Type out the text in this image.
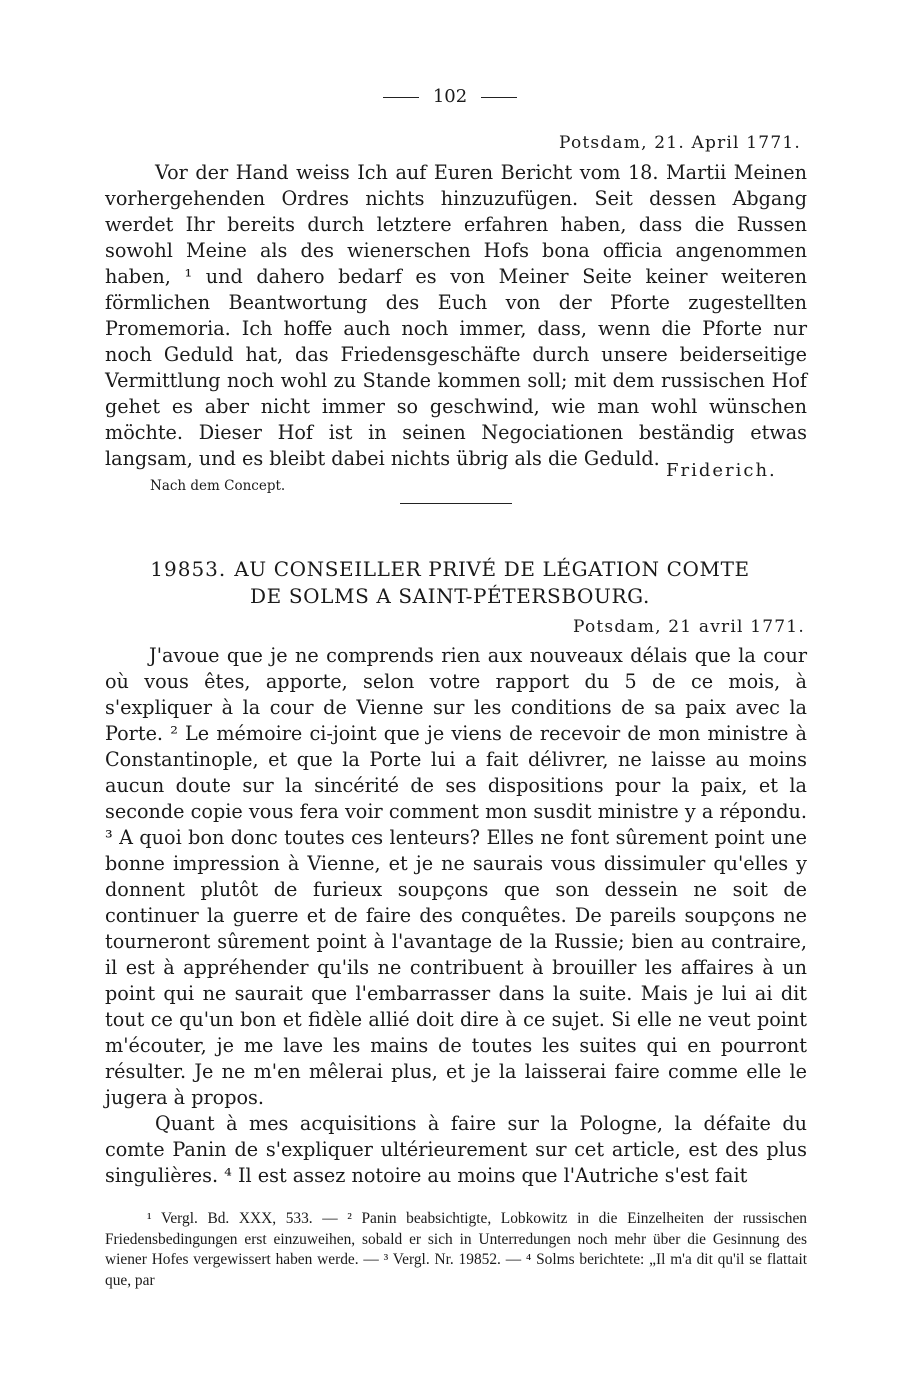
102
Potsdam, 21. April 1771.

Vor der Hand weiss Ich auf Euren Bericht vom 18. Martii Meinen vorhergehenden Ordres nichts hinzuzufügen. Seit dessen Abgang werdet Ihr bereits durch letztere erfahren haben, dass die Russen sowohl Meine als des wienerschen Hofs bona officia angenommen haben, ¹ und dahero bedarf es von Meiner Seite keiner weiteren förmlichen Beantwortung des Euch von der Pforte zugestellten Promemoria. Ich hoffe auch noch immer, dass, wenn die Pforte nur noch Geduld hat, das Friedensgeschäfte durch unsere beiderseitige Vermittlung noch wohl zu Stande kommen soll; mit dem russischen Hof gehet es aber nicht immer so geschwind, wie man wohl wünschen möchte. Dieser Hof ist in seinen Negociationen beständig etwas langsam, und es bleibt dabei nichts übrig als die Geduld.

Friderich.
Nach dem Concept.
19853. AU CONSEILLER PRIVÉ DE LÉGATION COMTE
DE SOLMS A SAINT-PÉTERSBOURG.
Potsdam, 21 avril 1771.

J'avoue que je ne comprends rien aux nouveaux délais que la cour où vous êtes, apporte, selon votre rapport du 5 de ce mois, à s'expliquer à la cour de Vienne sur les conditions de sa paix avec la Porte. ² Le mémoire ci-joint que je viens de recevoir de mon ministre à Constantinople, et que la Porte lui a fait délivrer, ne laisse au moins aucun doute sur la sincérité de ses dispositions pour la paix, et la seconde copie vous fera voir comment mon susdit ministre y a répondu. ³ A quoi bon donc toutes ces lenteurs? Elles ne font sûrement point une bonne impression à Vienne, et je ne saurais vous dissimuler qu'elles y donnent plutôt de furieux soupçons que son dessein ne soit de continuer la guerre et de faire des conquêtes. De pareils soupçons ne tourneront sûrement point à l'avantage de la Russie; bien au contraire, il est à appréhender qu'ils ne contribuent à brouiller les affaires à un point qui ne saurait que l'embarrasser dans la suite. Mais je lui ai dit tout ce qu'un bon et fidèle allié doit dire à ce sujet. Si elle ne veut point m'écouter, je me lave les mains de toutes les suites qui en pourront résulter. Je ne m'en mêlerai plus, et je la laisserai faire comme elle le jugera à propos.

Quant à mes acquisitions à faire sur la Pologne, la défaite du comte Panin de s'expliquer ultérieurement sur cet article, est des plus singulières. ⁴ Il est assez notoire au moins que l'Autriche s'est fait

¹ Vergl. Bd. XXX, 533. — ² Panin beabsichtigte, Lobkowitz in die Einzelheiten der russischen Friedensbedingungen erst einzuweihen, sobald er sich in Unterredungen noch mehr über die Gesinnung des wiener Hofes vergewissert haben werde. — ³ Vergl. Nr. 19852. — ⁴ Solms berichtete: „Il m'a dit qu'il se flattait que, par
